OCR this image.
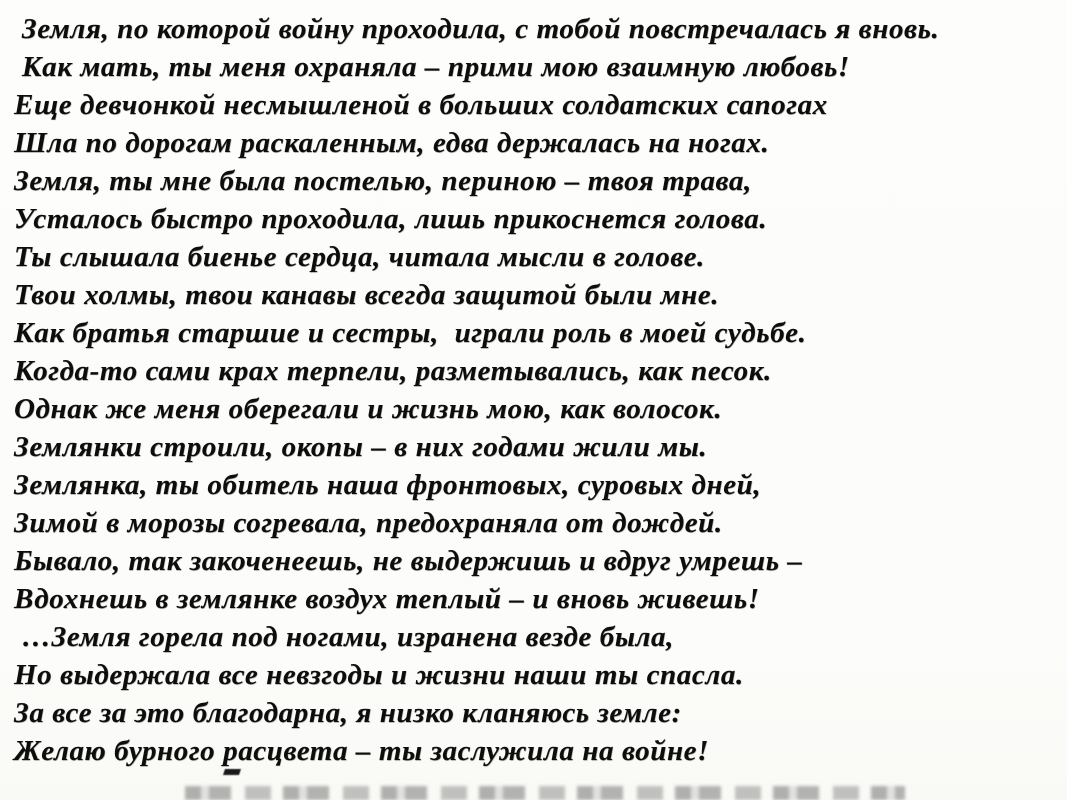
Земля, по которой войну проходила, с тобой повстречалась я вновь.

Как мать, ты меня охраняла – прими мою взаимную любовь!

Еще девчонкой несмышленой в больших солдатских сапогах

Шла по дорогам раскаленным, едва держалась на ногах.

Земля, ты мне была постелью, периною – твоя трава,

Усталось быстро проходила, лишь прикоснется голова.

Ты слышала биенье сердца, читала мысли в голове.

Твои холмы, твои канавы всегда защитой были мне.

Как братья старшие и сестры,  играли роль в моей судьбе.

Когда-то сами крах терпели, разметывались, как песок.

Однак же меня оберегали и жизнь мою, как волосок.

Землянки строили, окопы – в них годами жили мы.

Землянка, ты обитель наша фронтовых, суровых дней,

Зимой в морозы согревала, предохраняла от дождей.

Бывало, так закоченеешь, не выдержишь и вдруг умрешь –

Вдохнешь в землянке воздух теплый – и вновь живешь!

…Земля горела под ногами, изранена везде была,

Но выдержала все невзгоды и жизни наши ты спасла.

За все за это благодарна, я низко кланяюсь земле:

Желаю бурного расцвета – ты заслужила на войне!
